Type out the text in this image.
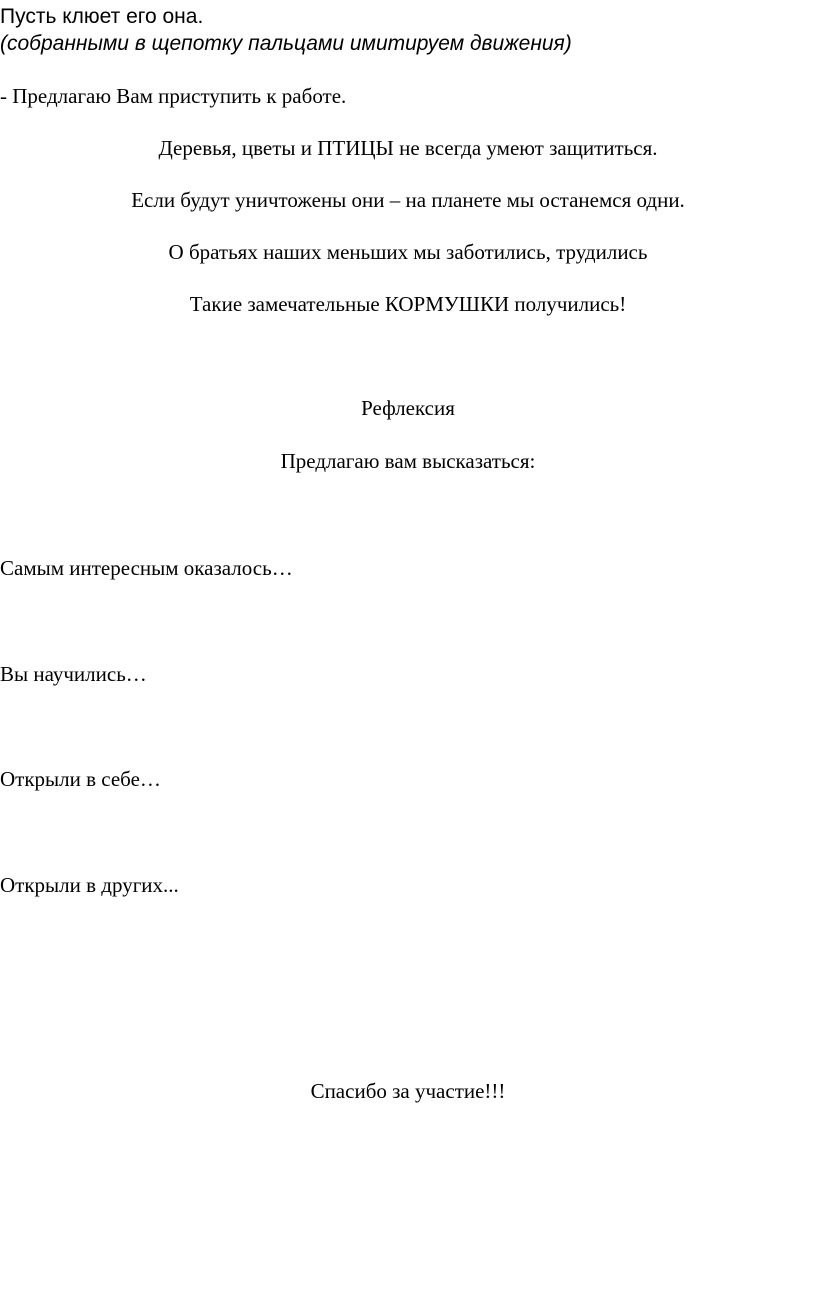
Пусть клюет его она.
(собранными в щепотку пальцами имитируем движения)
- Предлагаю Вам приступить к работе.
Деревья, цветы и ПТИЦЫ не всегда умеют защититься.
Если будут уничтожены они – на планете мы останемся одни.
О братьях наших меньших мы заботились, трудились
Такие замечательные КОРМУШКИ получились!
Рефлексия
Предлагаю вам высказаться:
Самым интересным оказалось…
Вы научились…
Открыли в себе…
Открыли в других...
Спасибо за участие!!!
